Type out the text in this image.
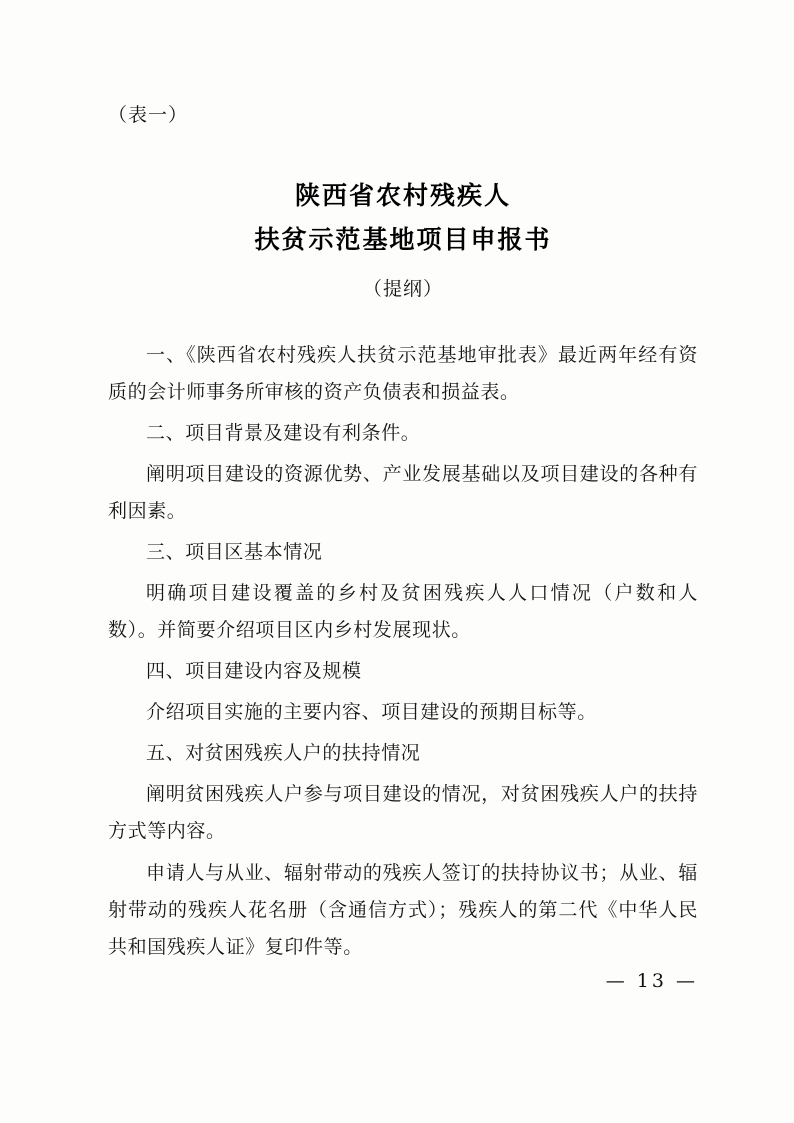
（表一）
陕西省农村残疾人
扶贫示范基地项目申报书
（提纲）

一、《陕西省农村残疾人扶贫示范基地审批表》最近两年经有资质的会计师事务所审核的资产负债表和损益表。

二、项目背景及建设有利条件。

阐明项目建设的资源优势、产业发展基础以及项目建设的各种有利因素。

三、项目区基本情况

明确项目建设覆盖的乡村及贫困残疾人人口情况（户数和人数）。并简要介绍项目区内乡村发展现状。

四、项目建设内容及规模

介绍项目实施的主要内容、项目建设的预期目标等。

五、对贫困残疾人户的扶持情况

阐明贫困残疾人户参与项目建设的情况，对贫困残疾人户的扶持方式等内容。

申请人与从业、辐射带动的残疾人签订的扶持协议书；从业、辐射带动的残疾人花名册（含通信方式）；残疾人的第二代《中华人民共和国残疾人证》复印件等。

— 13 —
